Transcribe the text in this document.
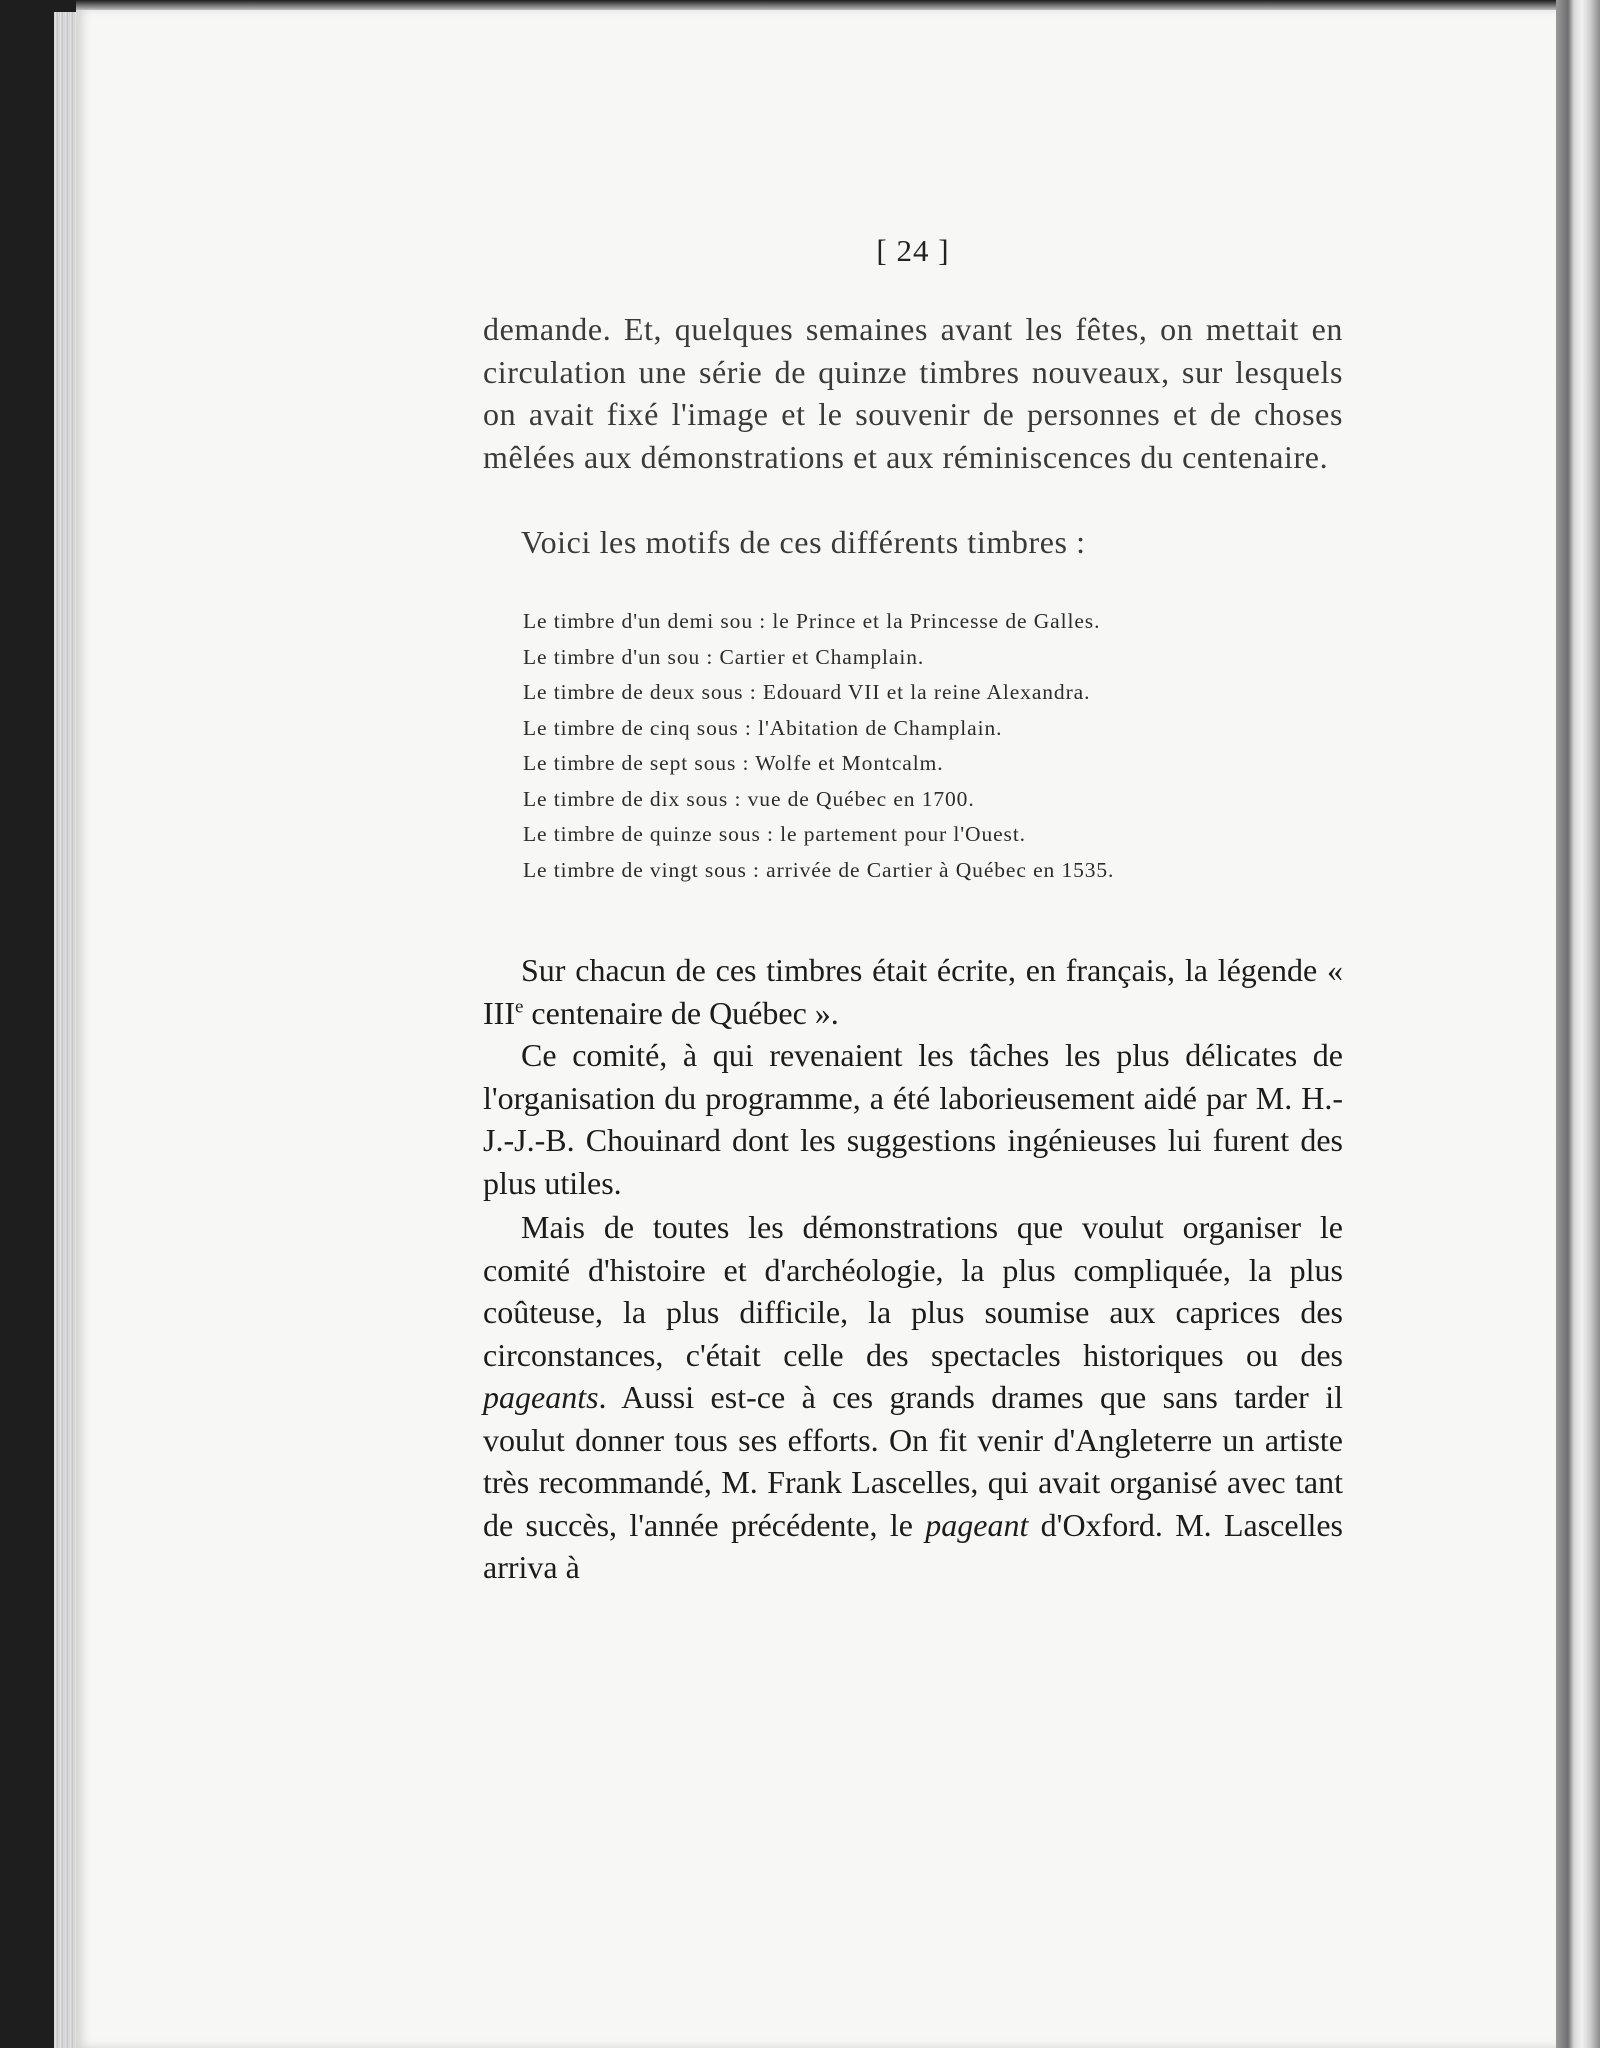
[ 24 ]

demande. Et, quelques semaines avant les fêtes, on mettait en circulation une série de quinze timbres nouveaux, sur lesquels on avait fixé l'image et le souvenir de personnes et de choses mêlées aux démonstrations et aux réminiscences du centenaire.

Voici les motifs de ces différents timbres :

Le timbre d'un demi sou : le Prince et la Princesse de Galles.
Le timbre d'un sou : Cartier et Champlain.
Le timbre de deux sous : Edouard VII et la reine Alexandra.
Le timbre de cinq sous : l'Abitation de Champlain.
Le timbre de sept sous : Wolfe et Montcalm.
Le timbre de dix sous : vue de Québec en 1700.
Le timbre de quinze sous : le partement pour l'Ouest.
Le timbre de vingt sous : arrivée de Cartier à Québec en 1535.

Sur chacun de ces timbres était écrite, en français, la légende « IIIe centenaire de Québec ».

Ce comité, à qui revenaient les tâches les plus délicates de l'organisation du programme, a été laborieusement aidé par M. H.-J.-J.-B. Chouinard dont les suggestions ingénieuses lui furent des plus utiles.

Mais de toutes les démonstrations que voulut organiser le comité d'histoire et d'archéologie, la plus compliquée, la plus coûteuse, la plus difficile, la plus soumise aux caprices des circonstances, c'était celle des spectacles historiques ou des pageants. Aussi est-ce à ces grands drames que sans tarder il voulut donner tous ses efforts. On fit venir d'Angleterre un artiste très recommandé, M. Frank Lascelles, qui avait organisé avec tant de succès, l'année précédente, le pageant d'Oxford. M. Lascelles arriva à
